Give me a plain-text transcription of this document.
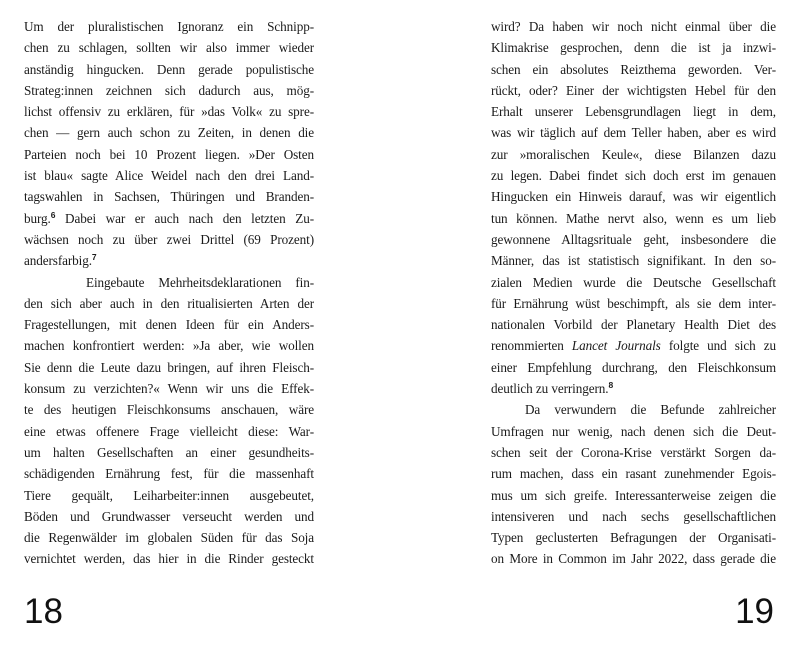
Um der pluralistischen Ignoranz ein Schnipp-
chen zu schlagen, sollten wir also immer wieder
anständig hingucken. Denn gerade populistische
Strateg:innen zeichnen sich dadurch aus, mög-
lichst offensiv zu erklären, für »das Volk« zu spre-
chen — gern auch schon zu Zeiten, in denen die
Parteien noch bei 10 Prozent liegen. »Der Osten
ist blau« sagte Alice Weidel nach den drei Land-
tagswahlen in Sachsen, Thüringen und Branden-
burg.$^6$ Dabei war er auch nach den letzten Zu-
wächsen noch zu über zwei Drittel (69 Prozent)
andersfarbig.$^7$

Eingebaute Mehrheitsdeklarationen fin-
den sich aber auch in den ritualisierten Arten der
Fragestellungen, mit denen Ideen für ein Anders-
machen konfrontiert werden: »Ja aber, wie wollen
Sie denn die Leute dazu bringen, auf ihren Fleisch-
konsum zu verzichten?« Wenn wir uns die Effek-
te des heutigen Fleischkonsums anschauen, wäre
eine etwas offenere Frage vielleicht diese: War-
um halten Gesellschaften an einer gesundheits-
schädigenden Ernährung fest, für die massenhaft
Tiere gequält, Leiharbeiter:innen ausgebeutet,
Böden und Grundwasser verseucht werden und
die Regenwälder im globalen Süden für das Soja
vernichtet werden, das hier in die Rinder gesteckt

18

wird? Da haben wir noch nicht einmal über die
Klimakrise gesprochen, denn die ist ja inzwi-
schen ein absolutes Reizthema geworden. Ver-
rückt, oder? Einer der wichtigsten Hebel für den
Erhalt unserer Lebensgrundlagen liegt in dem,
was wir täglich auf dem Teller haben, aber es wird
zur »moralischen Keule«, diese Bilanzen dazu
zu legen. Dabei findet sich doch erst im genauen
Hingucken ein Hinweis darauf, was wir eigentlich
tun können. Mathe nervt also, wenn es um lieb
gewonnene Alltagsrituale geht, insbesondere die
Männer, das ist statistisch signifikant. In den so-
zialen Medien wurde die Deutsche Gesellschaft
für Ernährung wüst beschimpft, als sie dem inter-
nationalen Vorbild der Planetary Health Diet des
renommierten Lancet Journals folgte und sich zu
einer Empfehlung durchrang, den Fleischkonsum
deutlich zu verringern.$^8$

Da verwundern die Befunde zahlreicher
Umfragen nur wenig, nach denen sich die Deut-
schen seit der Corona-Krise verstärkt Sorgen da-
rum machen, dass ein rasant zunehmender Egois-
mus um sich greife. Interessanterweise zeigen die
intensiveren und nach sechs gesellschaftlichen
Typen geclusterten Befragungen der Organisati-
on More in Common im Jahr 2022, dass gerade die

19
